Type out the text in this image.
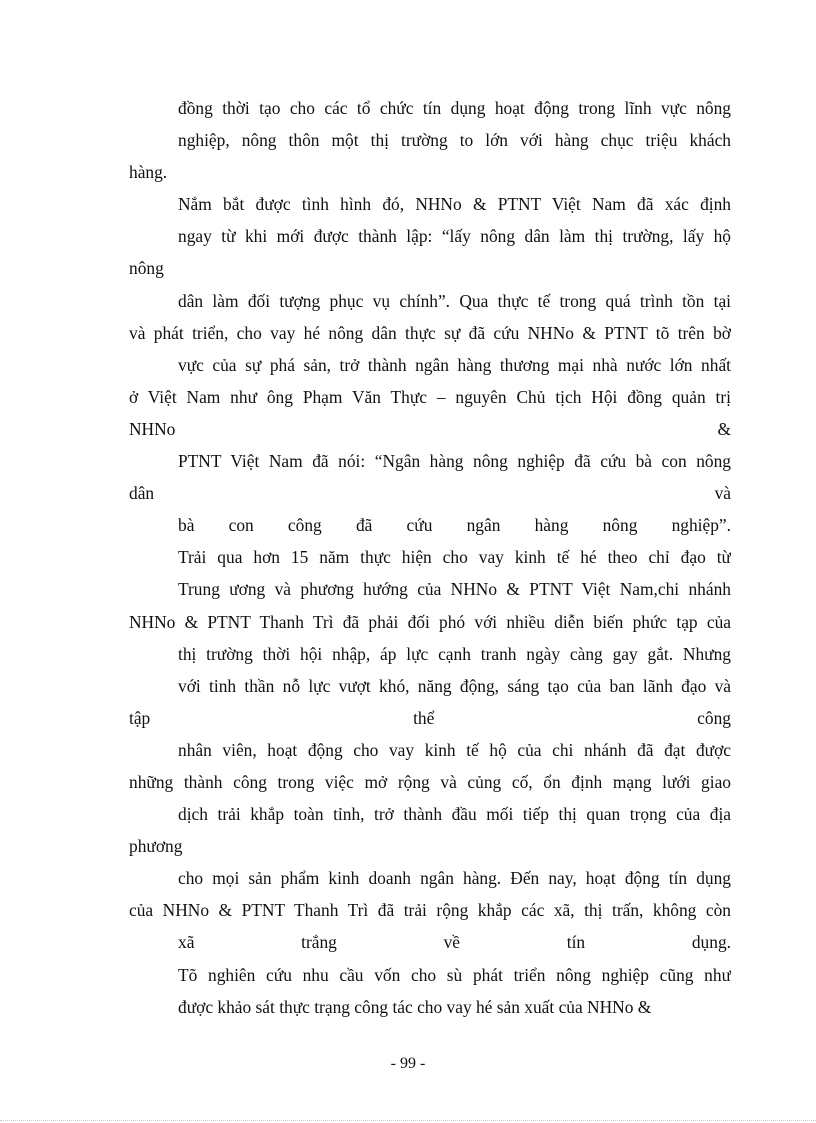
đồng thời tạo cho các tổ chức tín dụng hoạt động trong lĩnh vực nông
nghiệp, nông thôn một thị trường to lớn với hàng chục triệu khách
hàng.
Nắm bắt được tình hình đó, NHNo & PTNT Việt Nam đã xác định
ngay từ khi mới được thành lập: “lấy nông dân làm thị trường, lấy hộ
nông
dân làm đối tượng phục vụ chính”. Qua thực tế trong quá trình tồn tại
và phát triển, cho vay hé nông dân thực sự đã cứu NHNo & PTNT tõ trên bờ
vực của sự phá sản, trở thành ngân hàng thương mại nhà nước lớn nhất
ở Việt Nam như ông Phạm Văn Thực – nguyên Chủ tịch Hội đồng quản trị
NHNo &
PTNT Việt Nam đã nói: “Ngân hàng nông nghiệp đã cứu bà con nông
dân và
bà con công đã cứu ngân hàng nông nghiệp”.
Trải qua hơn 15 năm thực hiện cho vay kinh tế hé theo chỉ đạo từ
Trung ương và phương hướng của NHNo & PTNT Việt Nam,chi nhánh
NHNo & PTNT Thanh Trì đã phải đối phó với nhiều diễn biến phức tạp của
thị trường thời hội nhập, áp lực cạnh tranh ngày càng gay gắt. Nhưng
với tinh thần nỗ lực vượt khó, năng động, sáng tạo của ban lãnh đạo và
tập thể công
nhân viên, hoạt động cho vay kinh tế hộ của chi nhánh đã đạt được
những thành công trong việc mở rộng và củng cố, ổn định mạng lưới giao
dịch trải khắp toàn tỉnh, trở thành đầu mối tiếp thị quan trọng của địa
phương
cho mọi sản phẩm kinh doanh ngân hàng. Đến nay, hoạt động tín dụng
của NHNo & PTNT Thanh Trì đã trải rộng khắp các xã, thị trấn, không còn
xã trắng về tín dụng.
Tõ nghiên cứu nhu cầu vốn cho sù phát triển nông nghiệp cũng như
được khảo sát thực trạng công tác cho vay hé sản xuất của NHNo &
- 99 -
